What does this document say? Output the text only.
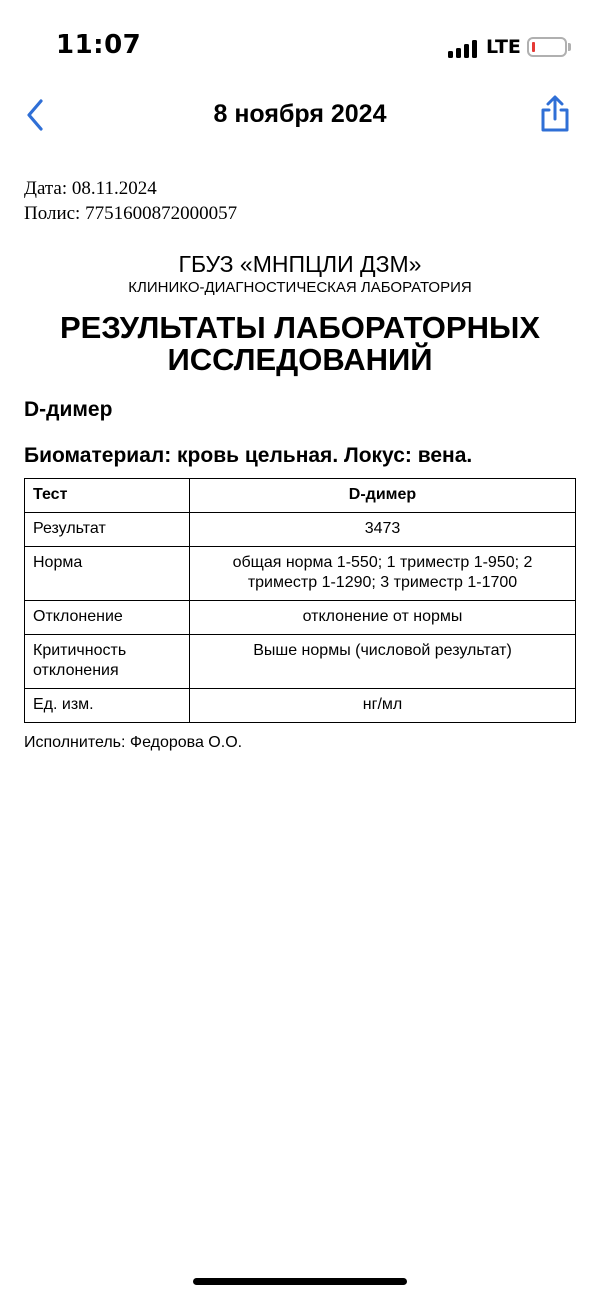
11:07	LTE
8 ноября 2024
Дата: 08.11.2024
Полис: 7751600872000057
ГБУЗ «МНПЦЛИ ДЗМ»
КЛИНИКО-ДИАГНОСТИЧЕСКАЯ ЛАБОРАТОРИЯ
РЕЗУЛЬТАТЫ ЛАБОРАТОРНЫХ ИССЛЕДОВАНИЙ
D-димер
Биоматериал: кровь цельная. Локус: вена.
Тест	D-димер
Результат	3473
Норма	общая норма 1-550; 1 триместр 1-950; 2 триместр 1-1290; 3 триместр 1-1700
Отклонение	отклонение от нормы
Критичность отклонения	Выше нормы (числовой результат)
Ед. изм.	нг/мл
Исполнитель: Федорова О.О.
